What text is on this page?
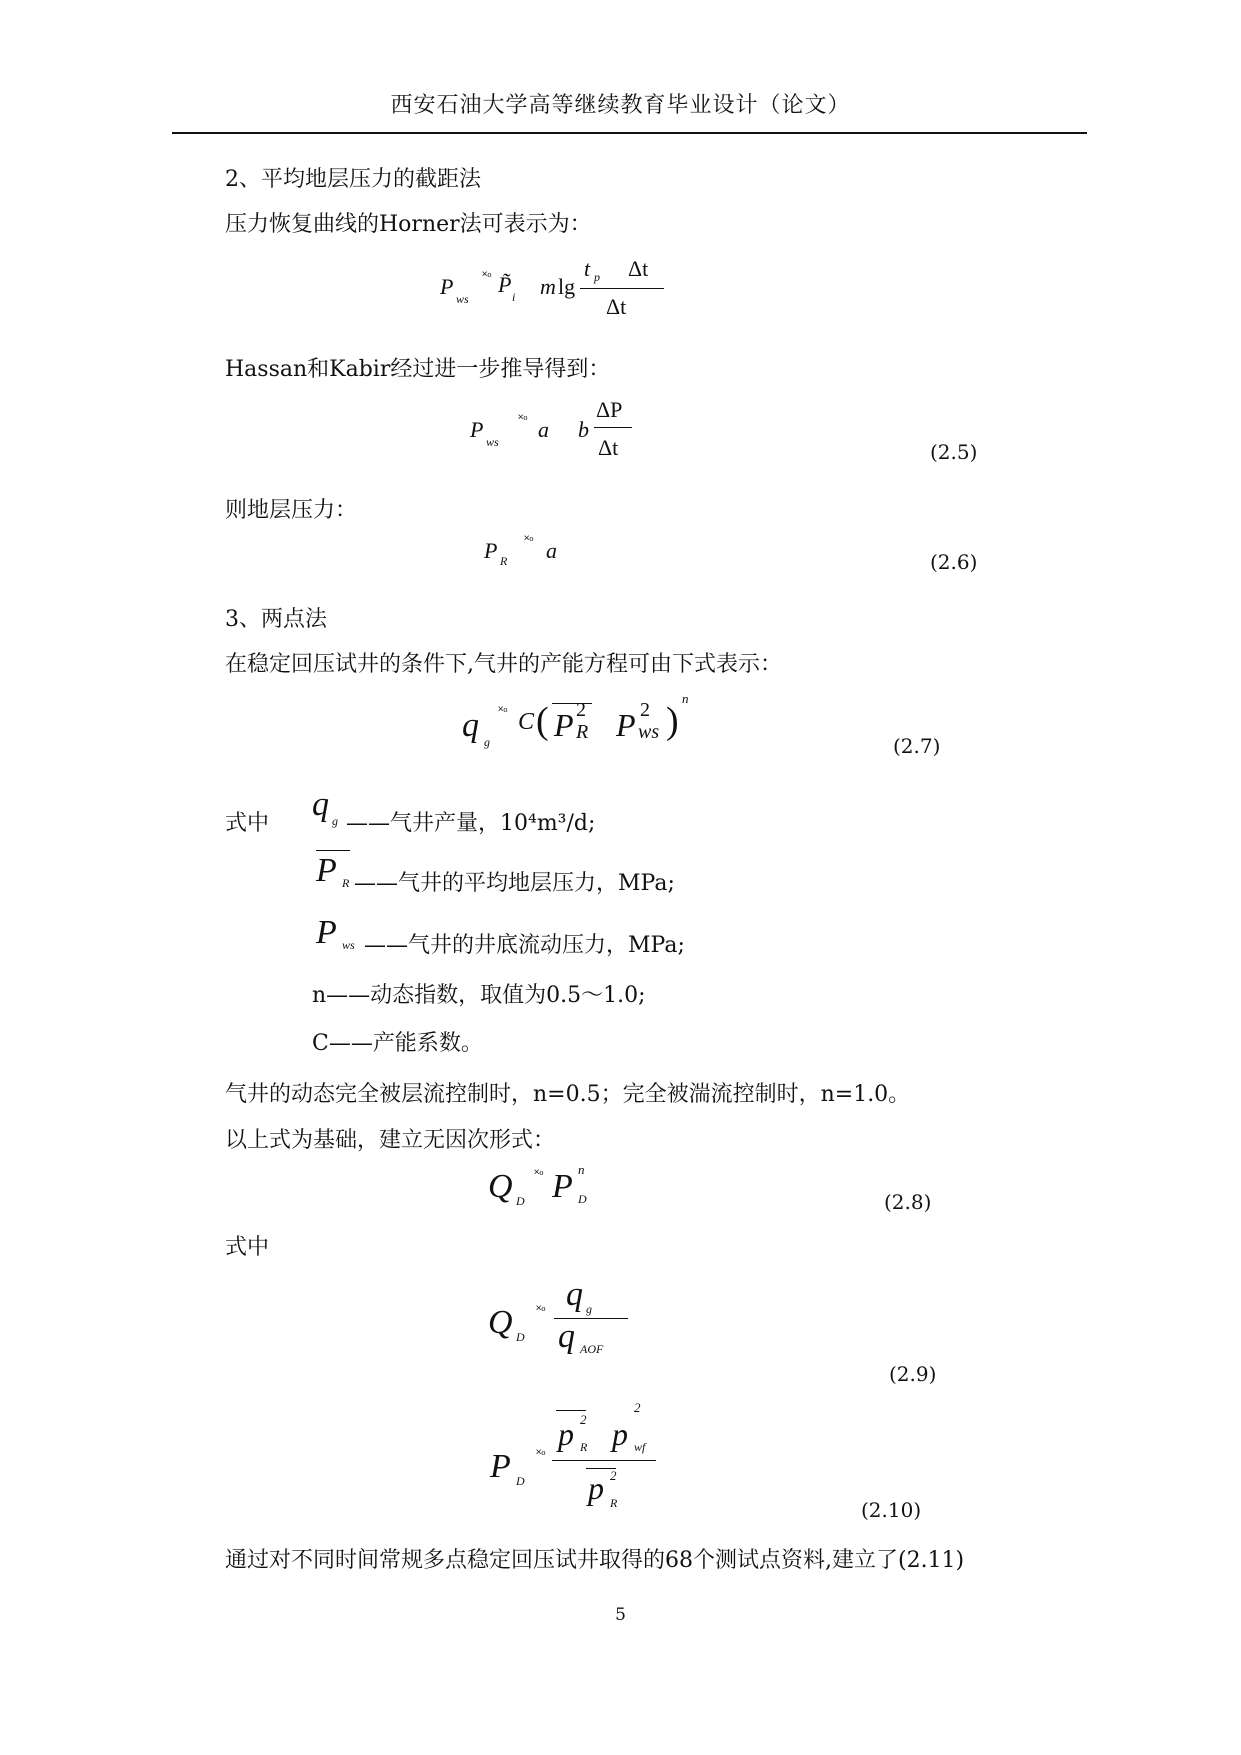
西安石油大学高等继续教育毕业设计（论文）
2、平均地层压力的截距法
压力恢复曲线的Horner法可表示为：
P ws
˟ᵒ P̃ i m lg
t p Δt
Δt
Hassan和Kabir经过进一步推导得到：
P ws
˟ᵒ a b
ΔP
Δt	(2.5)
则地层压力：
P R
˟ᵒ a	(2.6)
3、两点法
在稳定回压试井的条件下,气井的产能方程可由下式表示：
q g
˟ᵒ C ( P 2
R P 2
ws )
n
(2.7)
式中
q g ——气井产量，10⁴m³/d;
P R ——气井的平均地层压力，MPa;
P ws ——气井的井底流动压力，MPa;
n——动态指数，取值为0.5～1.0;
C——产能系数。
气井的动态完全被层流控制时，n=0.5；完全被湍流控制时，n=1.0。
以上式为基础，建立无因次形式：
Q D
˟ᵒ P n
D	(2.8)
式中
Q D
˟ᵒ q g
q AOF
(2.9)
P D
˟ᵒ
p 2
R p
2
wf
p 2
R	(2.10)
通过对不同时间常规多点稳定回压试井取得的68个测试点资料,建立了(2.11)
5
